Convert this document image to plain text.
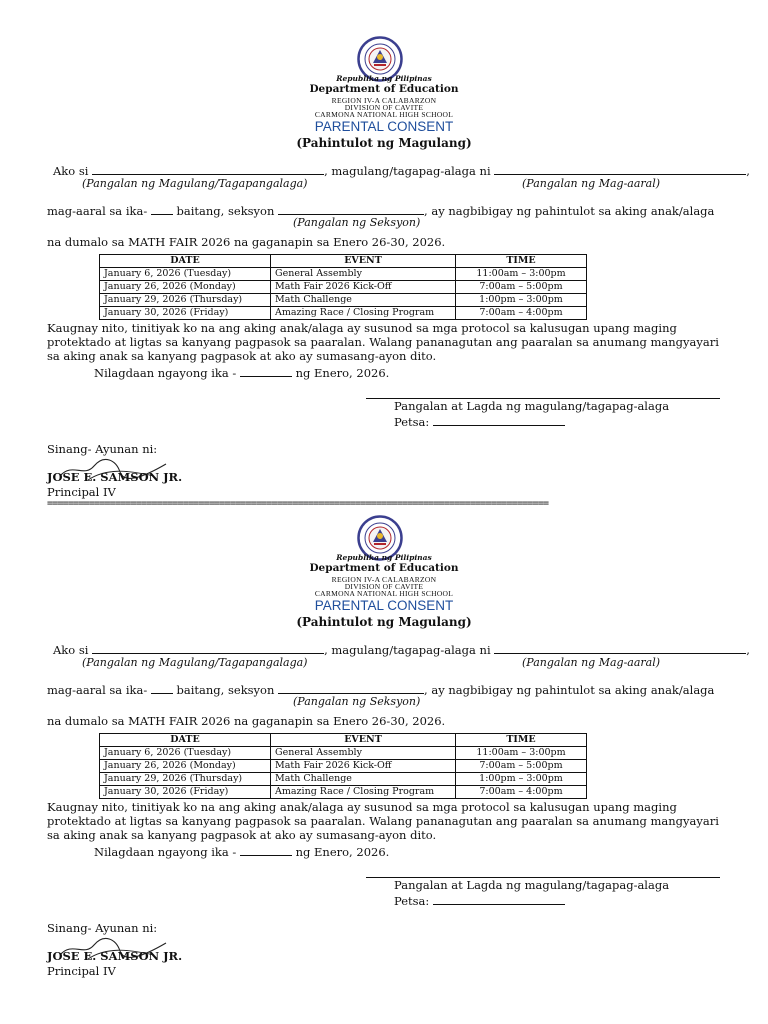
Republika ng Pilipinas
Department of Education
REGION IV-A CALABARZON
DIVISION OF CAVITE
CARMONA NATIONAL HIGH SCHOOL
PARENTAL CONSENT
(Pahintulot ng Magulang)
Ako si	, magulang/tagapag-alaga ni	,
(Pangalan ng Magulang/Tagapangalaga)	(Pangalan ng Mag-aaral)
mag-aaral sa ika-	baitang, seksyon	, ay nagbibigay ng pahintulot sa aking anak/alaga
(Pangalan ng Seksyon)
na dumalo sa MATH FAIR 2026 na gaganapin sa Enero 26-30, 2026.
DATE	EVENT	TIME
January 6, 2026 (Tuesday)	General Assembly	11:00am – 3:00pm
January 26, 2026 (Monday)	Math Fair 2026 Kick-Off	7:00am – 5:00pm
January 29, 2026 (Thursday)	Math Challenge	1:00pm – 3:00pm
January 30, 2026 (Friday)	Amazing Race / Closing Program	7:00am – 4:00pm
Kaugnay nito, tinitiyak ko na ang aking anak/alaga ay susunod sa mga protocol sa kalusugan upang maging protektado at ligtas sa kanyang pagpasok sa paaralan. Walang pananagutan ang paaralan sa anumang mangyayari sa aking anak sa kanyang pagpasok at ako ay sumasang-ayon dito.
Nilagdaan ngayong ika -	ng Enero, 2026.
Pangalan at Lagda ng magulang/tagapag-alaga
Petsa:
Sinang- Ayunan ni:
JOSE E. SAMSON JR.
Principal IV
================================================================================================
Republika ng Pilipinas
Department of Education
REGION IV-A CALABARZON
DIVISION OF CAVITE
CARMONA NATIONAL HIGH SCHOOL
PARENTAL CONSENT
(Pahintulot ng Magulang)
Ako si	, magulang/tagapag-alaga ni	,
(Pangalan ng Magulang/Tagapangalaga)	(Pangalan ng Mag-aaral)
mag-aaral sa ika-	baitang, seksyon	, ay nagbibigay ng pahintulot sa aking anak/alaga
(Pangalan ng Seksyon)
na dumalo sa MATH FAIR 2026 na gaganapin sa Enero 26-30, 2026.
DATE	EVENT	TIME
January 6, 2026 (Tuesday)	General Assembly	11:00am – 3:00pm
January 26, 2026 (Monday)	Math Fair 2026 Kick-Off	7:00am – 5:00pm
January 29, 2026 (Thursday)	Math Challenge	1:00pm – 3:00pm
January 30, 2026 (Friday)	Amazing Race / Closing Program	7:00am – 4:00pm
Kaugnay nito, tinitiyak ko na ang aking anak/alaga ay susunod sa mga protocol sa kalusugan upang maging protektado at ligtas sa kanyang pagpasok sa paaralan. Walang pananagutan ang paaralan sa anumang mangyayari sa aking anak sa kanyang pagpasok at ako ay sumasang-ayon dito.
Nilagdaan ngayong ika -	ng Enero, 2026.
Pangalan at Lagda ng magulang/tagapag-alaga
Petsa:
Sinang- Ayunan ni:
JOSE E. SAMSON JR.
Principal IV
